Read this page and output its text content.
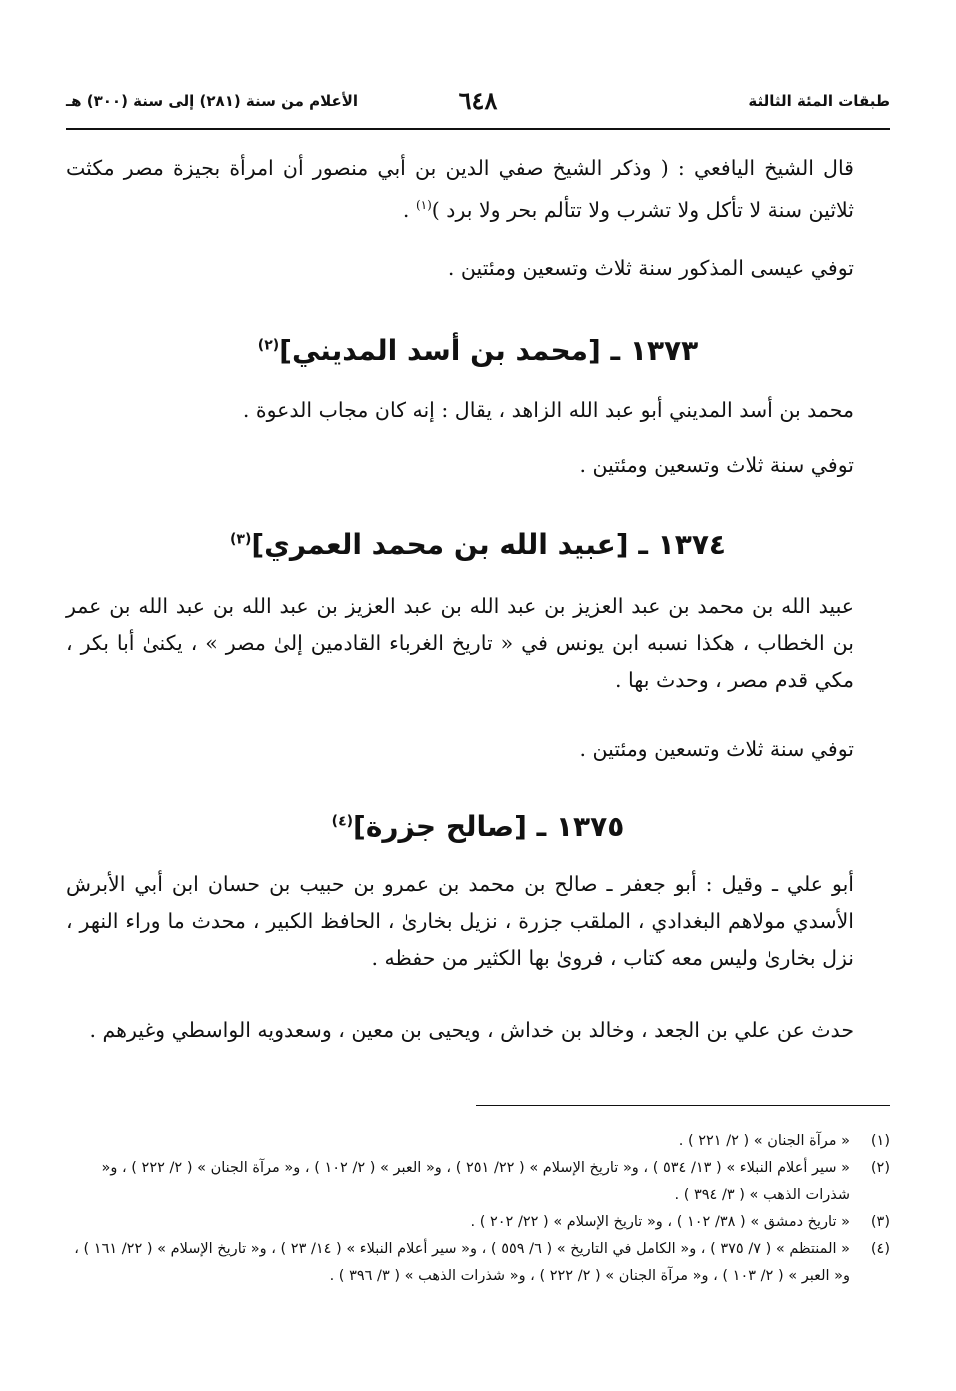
طبقات المئة الثالثة
٦٤٨
الأعلام من سنة (٢٨١) إلى سنة (٣٠٠) هـ
قال الشيخ اليافعي : ( وذكر الشيخ صفي الدين بن أبي منصور أن امرأة بجيزة مصر مكثت ثلاثين سنة لا تأكل ولا تشرب ولا تتألم بحر ولا برد )$^{(١)}$ .
توفي عيسى المذكور سنة ثلاث وتسعين ومئتين .
١٣٧٣ ـ [محمد بن أسد المديني]$^{(٢)}$
محمد بن أسد المديني أبو عبد الله الزاهد ، يقال : إنه كان مجاب الدعوة .
توفي سنة ثلاث وتسعين ومئتين .
١٣٧٤ ـ [عبيد الله بن محمد العمري]$^{(٣)}$
عبيد الله بن محمد بن عبد العزيز بن عبد الله بن عبد العزيز بن عبد الله بن عبد الله بن عمر بن الخطاب ، هكذا نسبه ابن يونس في « تاريخ الغرباء القادمين إلىٰ مصر » ، يكنىٰ أبا بكر ، مكي قدم مصر ، وحدث بها .
توفي سنة ثلاث وتسعين ومئتين .
١٣٧٥ ـ [صالح جزرة]$^{(٤)}$
أبو علي ـ وقيل : أبو جعفر ـ صالح بن محمد بن عمرو بن حبيب بن حسان ابن أبي الأبرش الأسدي مولاهم البغدادي ، الملقب جزرة ، نزيل بخارىٰ ، الحافظ الكبير ، محدث ما وراء النهر ، نزل بخارىٰ وليس معه كتاب ، فروىٰ بها الكثير من حفظه .
حدث عن علي بن الجعد ، وخالد بن خداش ، ويحيى بن معين ، وسعدويه الواسطي وغيرهم .
(١)
« مرآة الجنان » ( ٢/ ٢٢١ ) .
(٢)
« سير أعلام النبلاء » ( ١٣/ ٥٣٤ ) ، و« تاريخ الإسلام » ( ٢٢/ ٢٥١ ) ، و« العبر » ( ٢/ ١٠٢ ) ، و« مرآة الجنان » ( ٢/ ٢٢٢ ) ، و« شذرات الذهب » ( ٣/ ٣٩٤ ) .
(٣)
« تاريخ دمشق » ( ٣٨/ ١٠٢ ) ، و« تاريخ الإسلام » ( ٢٢/ ٢٠٢ ) .
(٤)
« المنتظم » ( ٧/ ٣٧٥ ) ، و« الكامل في التاريخ » ( ٦/ ٥٥٩ ) ، و« سير أعلام النبلاء » ( ١٤/ ٢٣ ) ، و« تاريخ الإسلام » ( ٢٢/ ١٦١ ) ، و« العبر » ( ٢/ ١٠٣ ) ، و« مرآة الجنان » ( ٢/ ٢٢٢ ) ، و« شذرات الذهب » ( ٣/ ٣٩٦ ) .
